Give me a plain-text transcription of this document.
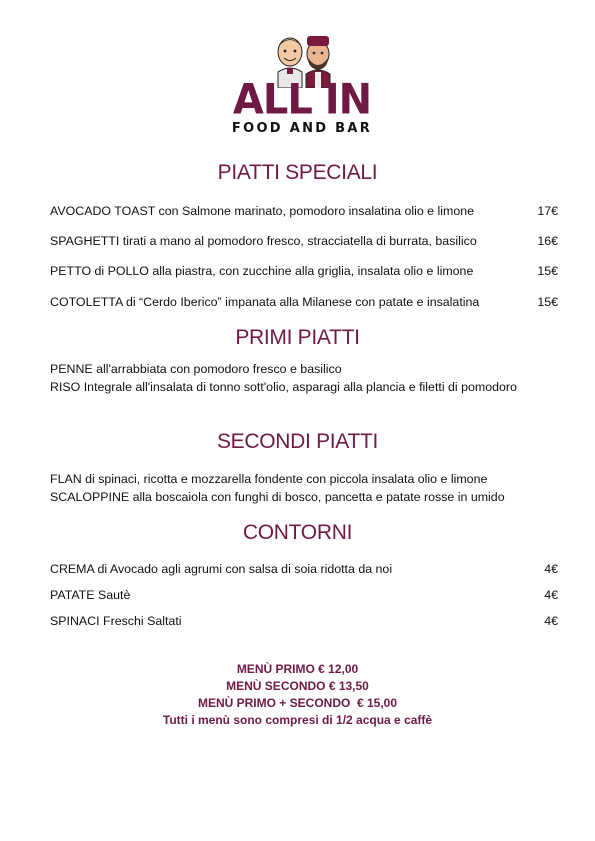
ALL IN
FOOD AND BAR
PIATTI SPECIALI
AVOCADO TOAST con Salmone marinato, pomodoro insalatina olio e limone	17€
SPAGHETTI tirati a mano al pomodoro fresco, stracciatella di burrata, basilico	16€
PETTO di POLLO alla piastra, con zucchine alla griglia, insalata olio e limone	15€
COTOLETTA di “Cerdo Iberico” impanata alla Milanese con patate e insalatina	15€
PRIMI PIATTI
PENNE all'arrabbiata con pomodoro fresco e basilico
RISO Integrale all'insalata di tonno sott'olio, asparagi alla plancia e filetti di pomodoro
SECONDI PIATTI
FLAN di spinaci, ricotta e mozzarella fondente con piccola insalata olio e limone
SCALOPPINE alla boscaiola con funghi di bosco, pancetta e patate rosse in umido
CONTORNI
CREMA di Avocado agli agrumi con salsa di soia ridotta da noi	4€
PATATE Sautè	4€
SPINACI Freschi Saltati	4€
MENÙ PRIMO € 12,00
MENÙ SECONDO € 13,50
MENÙ PRIMO + SECONDO  € 15,00
Tutti i menù sono compresi di 1/2 acqua e caffè
